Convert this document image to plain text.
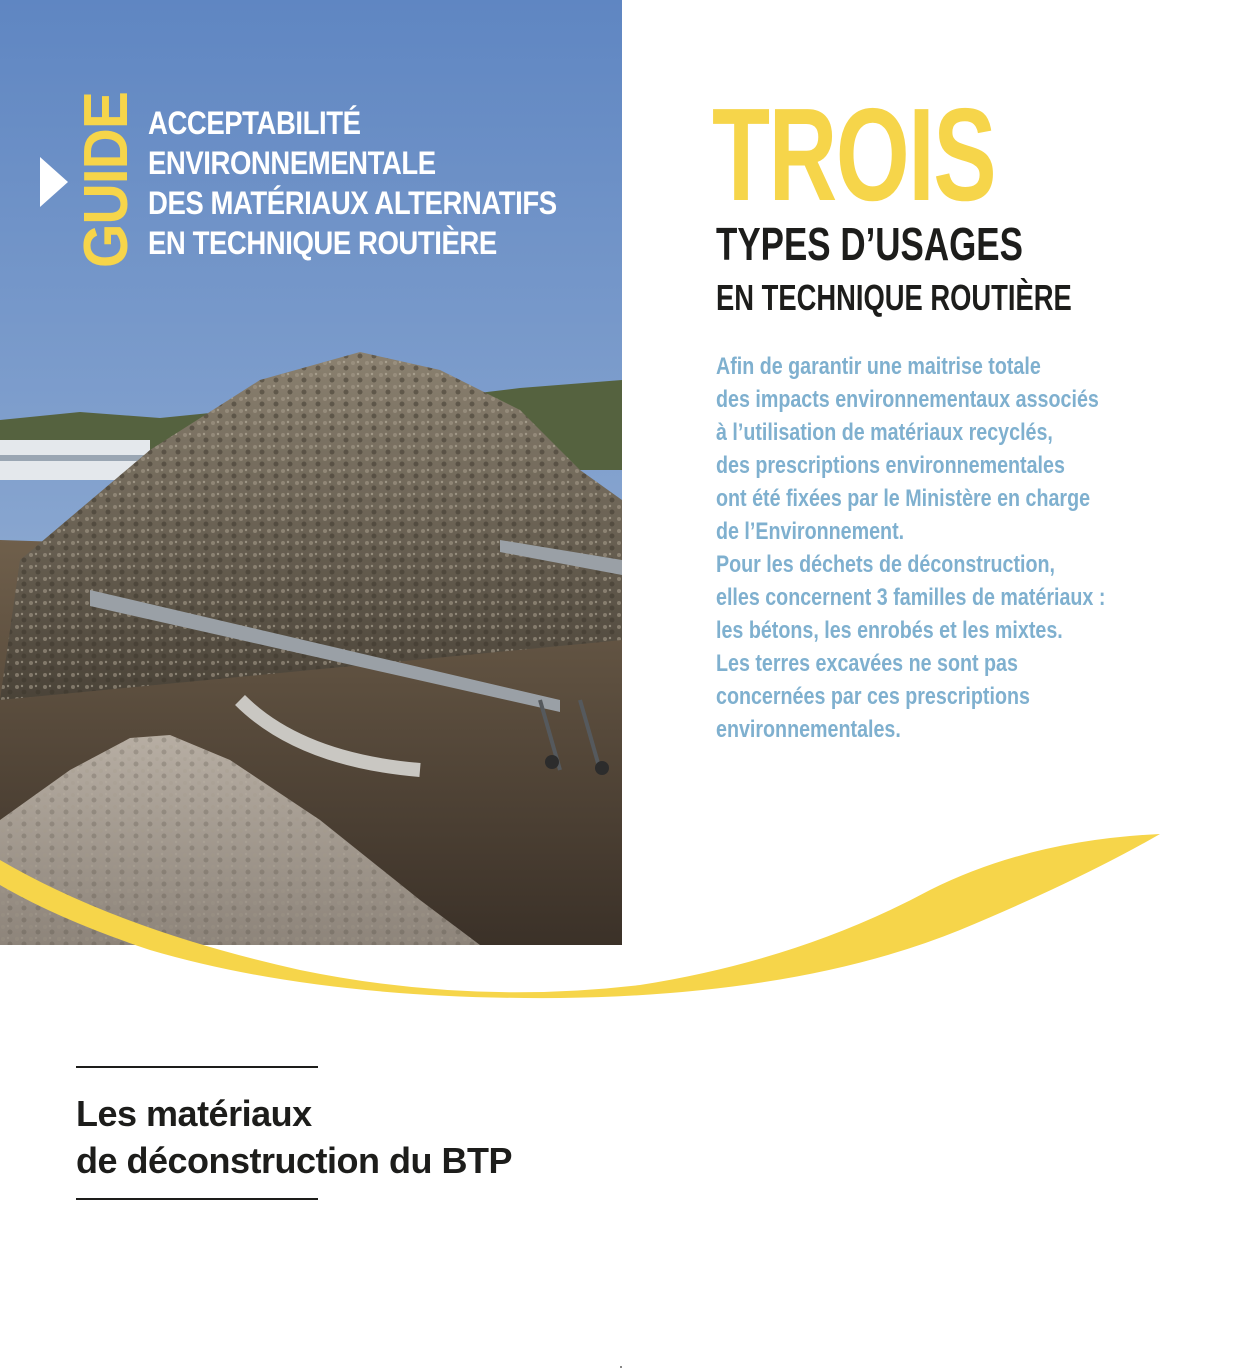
GUIDE ACCEPTABILITÉ
ENVIRONNEMENTALE
DES MATÉRIAUX ALTERNATIFS
EN TECHNIQUE ROUTIÈRE
TROIS
TYPES D’USAGES
EN TECHNIQUE ROUTIÈRE
Afin de garantir une maitrise totale
des impacts environnementaux associés
à l’utilisation de matériaux recyclés,
des prescriptions environnementales
ont été fixées par le Ministère en charge
de l’Environnement.
Pour les déchets de déconstruction,
elles concernent 3 familles de matériaux :
les bétons, les enrobés et les mixtes.
Les terres excavées ne sont pas
concernées par ces prescriptions
environnementales.
Les matériaux
de déconstruction du BTP
